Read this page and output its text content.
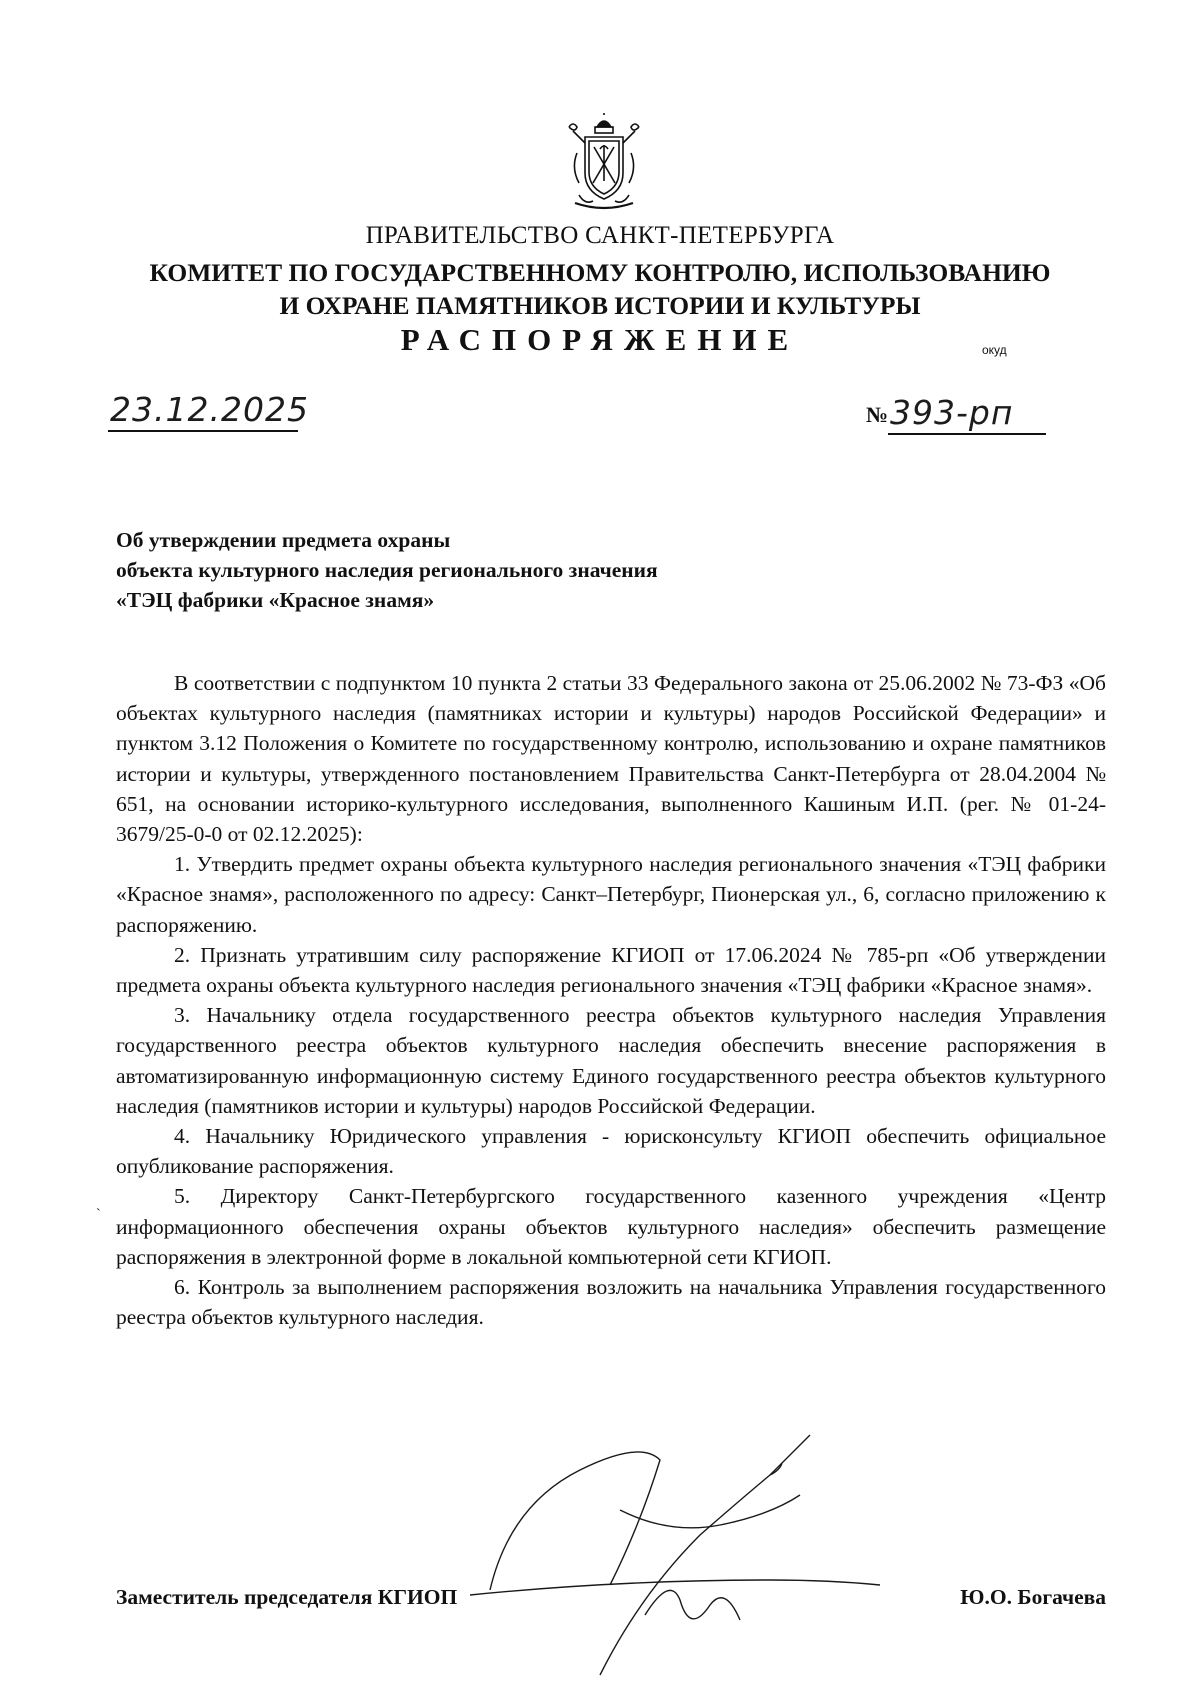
ПРАВИТЕЛЬСТВО САНКТ-ПЕТЕРБУРГА
КОМИТЕТ ПО ГОСУДАРСТВЕННОМУ КОНТРОЛЮ, ИСПОЛЬЗОВАНИЮ
И ОХРАНЕ ПАМЯТНИКОВ ИСТОРИИ И КУЛЬТУРЫ
РАСПОРЯЖЕНИЕ	окуд
23.12.2025	№ 393-рп
Об утверждении предмета охраны
объекта культурного наследия регионального значения
«ТЭЦ фабрики «Красное знамя»

В соответствии с подпунктом 10 пункта 2 статьи 33 Федерального закона от 25.06.2002 № 73-ФЗ «Об объектах культурного наследия (памятниках истории и культуры) народов Российской Федерации» и пунктом 3.12 Положения о Комитете по государственному контролю, использованию и охране памятников истории и культуры, утвержденного постановлением Правительства Санкт-Петербурга от 28.04.2004 № 651, на основании историко-культурного исследования, выполненного Кашиным И.П. (рег. № 01-24-3679/25-0-0 от 02.12.2025):

1. Утвердить предмет охраны объекта культурного наследия регионального значения «ТЭЦ фабрики «Красное знамя», расположенного по адресу: Санкт–Петербург, Пионерская ул., 6, согласно приложению к распоряжению.

2. Признать утратившим силу распоряжение КГИОП от 17.06.2024 № 785-рп «Об утверждении предмета охраны объекта культурного наследия регионального значения «ТЭЦ фабрики «Красное знамя».

3. Начальнику отдела государственного реестра объектов культурного наследия Управления государственного реестра объектов культурного наследия обеспечить внесение распоряжения в автоматизированную информационную систему Единого государственного реестра объектов культурного наследия (памятников истории и культуры) народов Российской Федерации.

4. Начальнику Юридического управления - юрисконсульту КГИОП обеспечить официальное опубликование распоряжения.

5. Директору Санкт-Петербургского государственного казенного учреждения «Центр информационного обеспечения охраны объектов культурного наследия» обеспечить размещение распоряжения в электронной форме в локальной компьютерной сети КГИОП.

6. Контроль за выполнением распоряжения возложить на начальника Управления государственного реестра объектов культурного наследия.

`
Заместитель председателя КГИОП	Ю.О. Богачева
